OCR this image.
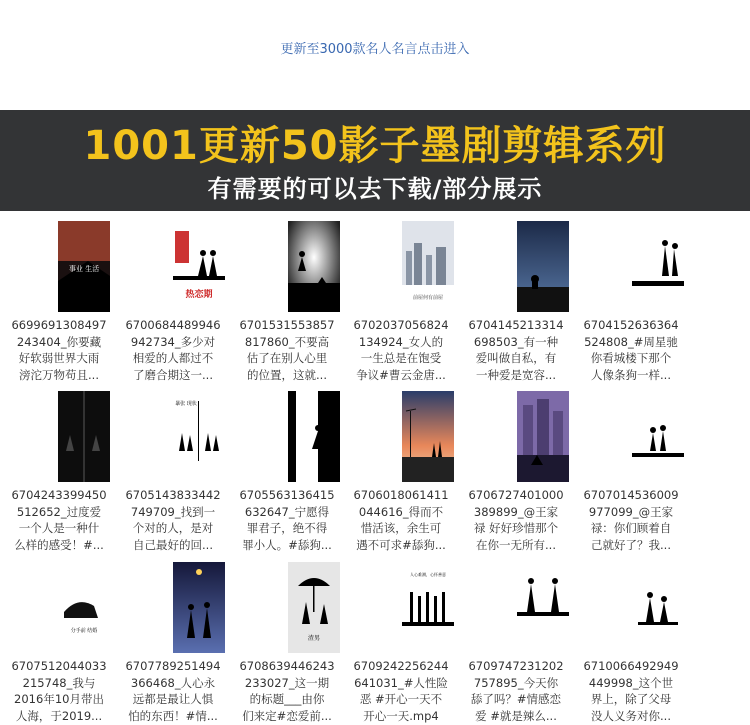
更新至3000款名人名言点击进入
1001更新50影子墨剧剪辑系列
有需要的可以去下载/部分展示
事业 生活
6699691308497
243404_你要藏
好软弱世界大雨
滂沱万物苟且...
热恋期
6700684489946
942734_多少对
相爱的人都过不
了磨合期这一...
6701531553857
817860_不要高
估了在别人心里
的位置，这就...
前屋何有前屋
6702037056824
134924_女人的
一生总是在饱受
争议#曹云金唐...
6704145213314
698503_有一种
爱叫做自私，有
一种爱是宽容...
6704152636364
524808_#周星驰
你看城楼下那个
人像条狗一样...
6704243399450
512652_过度爱
一个人是一种什
么样的感受！#...
暴张 现状
6705143833442
749709_找到一
个对的人，是对
自己最好的回...
6705563136415
632647_宁愿得
罪君子，绝不得
罪小人。#舔狗...
6706018061411
044616_得而不
惜活该，余生可
遇不可求#舔狗...
6706727401000
389899_@王家
禄 好好珍惜那个
在你一无所有...
6707014536009
977099_@王家
禄：你们顾着自
己就好了？我...
分手前 结婚
6707512044033
215748_我与
2016年10月带出
人海，于2019...
6707789251494
366468_人心永
远都是最让人惧
怕的东西！#情...
渣男
6708639446243
233027_这一期
的标题___由你
们来定#恋爱前...
人心难测，心怀善意
6709242256244
641031_#人性险
恶 #开心一天不
开心一天.mp4
6709747231202
757895_今天你
舔了吗？#情感恋
爱 #就是辣么...
6710066492949
449998_这个世
界上，除了父母
没人义务对你...
